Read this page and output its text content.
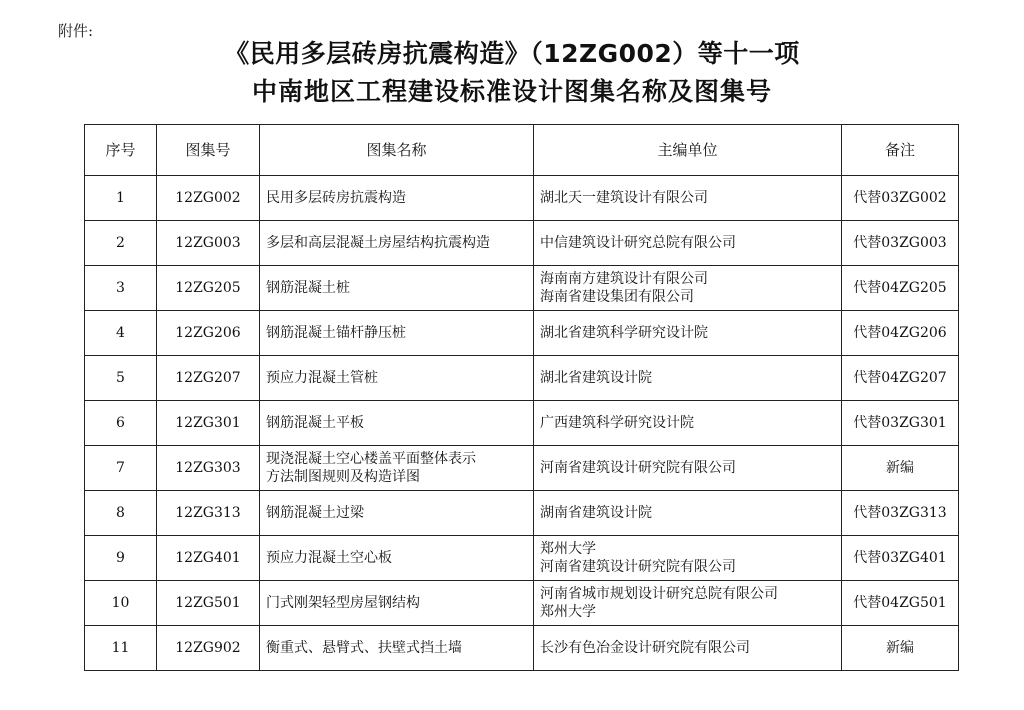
附件:
《民用多层砖房抗震构造》（12ZG002）等十一项
中南地区工程建设标准设计图集名称及图集号
序号	图集号	图集名称	主编单位	备注
1	12ZG002	民用多层砖房抗震构造	湖北天一建筑设计有限公司	代替03ZG002
2	12ZG003	多层和高层混凝土房屋结构抗震构造	中信建筑设计研究总院有限公司	代替03ZG003
3	12ZG205	钢筋混凝土桩	海南南方建筑设计有限公司
海南省建设集团有限公司	代替04ZG205
4	12ZG206	钢筋混凝土锚杆静压桩	湖北省建筑科学研究设计院	代替04ZG206
5	12ZG207	预应力混凝土管桩	湖北省建筑设计院	代替04ZG207
6	12ZG301	钢筋混凝土平板	广西建筑科学研究设计院	代替03ZG301
7	12ZG303	现浇混凝土空心楼盖平面整体表示
方法制图规则及构造详图	河南省建筑设计研究院有限公司	新编
8	12ZG313	钢筋混凝土过梁	湖南省建筑设计院	代替03ZG313
9	12ZG401	预应力混凝土空心板	郑州大学
河南省建筑设计研究院有限公司	代替03ZG401
10	12ZG501	门式刚架轻型房屋钢结构	河南省城市规划设计研究总院有限公司
郑州大学	代替04ZG501
11	12ZG902	衡重式、悬臂式、扶壁式挡土墙	长沙有色冶金设计研究院有限公司	新编
